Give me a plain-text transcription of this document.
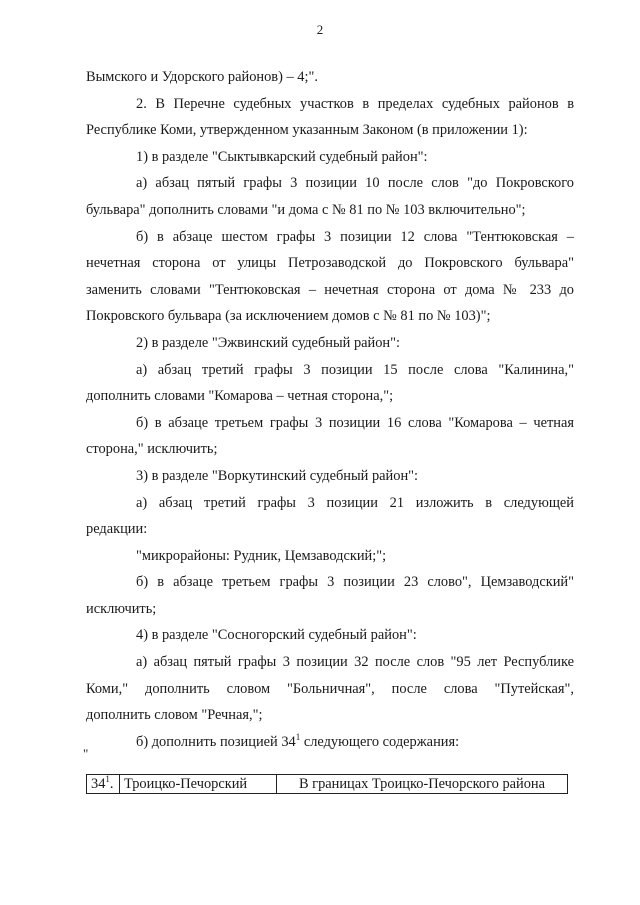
2
Вымского и Удорского районов) – 4;".
2. В Перечне судебных участков в пределах судебных районов в
Республике Коми, утвержденном указанным Законом (в приложении 1):
1) в разделе "Сыктывкарский судебный район":
а) абзац пятый графы 3 позиции 10 после слов "до Покровского
бульвара" дополнить словами "и дома с № 81 по № 103 включительно";
б) в абзаце шестом графы 3 позиции 12 слова "Тентюковская –
нечетная сторона от улицы Петрозаводской до Покровского бульвара"
заменить словами "Тентюковская – нечетная сторона от дома № 233 до
Покровского бульвара (за исключением домов с № 81 по № 103)";
2) в разделе "Эжвинский судебный район":
а) абзац третий графы 3 позиции 15 после слова "Калинина,"
дополнить словами "Комарова – четная сторона,";
б) в абзаце третьем графы 3 позиции 16 слова "Комарова – четная
сторона," исключить;
3) в разделе "Воркутинский судебный район":
а) абзац третий графы 3 позиции 21 изложить в следующей
редакции:
"микрорайоны: Рудник, Цемзаводский;";
б) в абзаце третьем графы 3 позиции 23 слово", Цемзаводский"
исключить;
4) в разделе "Сосногорский судебный район":
а) абзац пятый графы 3 позиции 32 после слов "95 лет Республике
Коми," дополнить словом "Больничная", после слова "Путейская",
дополнить словом "Речная,";
б) дополнить позицией $34^1$ следующего содержания:
"
$34^1$.	Троицко-Печорский	В границах Троицко-Печорского района
